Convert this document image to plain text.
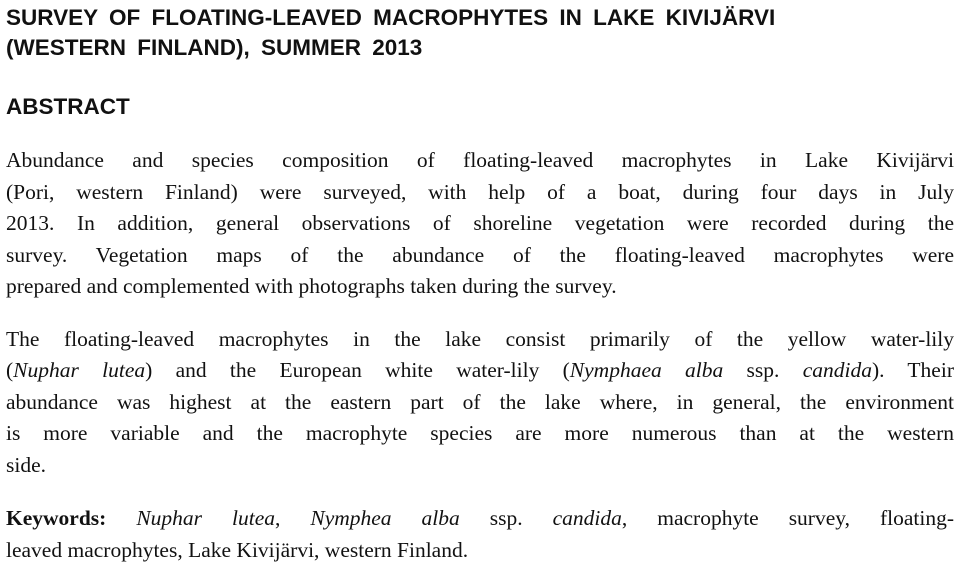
SURVEY OF FLOATING-LEAVED MACROPHYTES IN LAKE KIVIJÄRVI
(WESTERN FINLAND), SUMMER 2013
ABSTRACT

Abundance and species composition of floating-leaved macrophytes in Lake Kivijärvi
(Pori, western Finland) were surveyed, with help of a boat, during four days in July
2013. In addition, general observations of shoreline vegetation were recorded during the
survey. Vegetation maps of the abundance of the floating-leaved macrophytes were
prepared and complemented with photographs taken during the survey.

The floating-leaved macrophytes in the lake consist primarily of the yellow water-lily
(Nuphar lutea) and the European white water-lily (Nymphaea alba ssp. candida). Their
abundance was highest at the eastern part of the lake where, in general, the environment
is more variable and the macrophyte species are more numerous than at the western
side.

Keywords: Nuphar lutea, Nymphea alba ssp. candida, macrophyte survey, floating-
leaved macrophytes, Lake Kivijärvi, western Finland.
